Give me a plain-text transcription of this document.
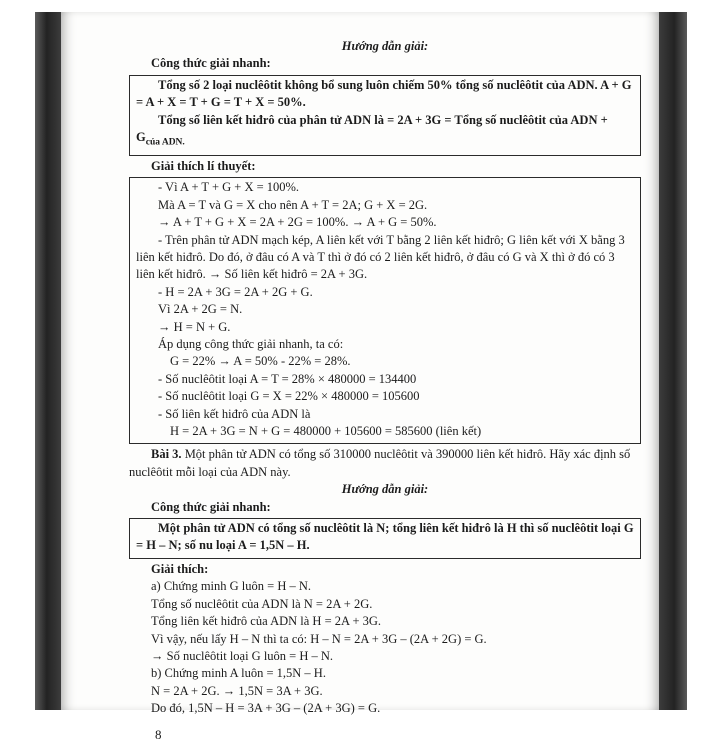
Hướng dẫn giải:

Công thức giải nhanh:

Tổng số 2 loại nuclêôtit không bổ sung luôn chiếm 50% tổng số nuclêôtit của ADN. A + G = A + X = T + G = T + X = 50%.

Tổng số liên kết hiđrô của phân tử ADN là = 2A + 3G = Tổng số nuclêôtit của ADN + $G_{của ADN.}$

Giải thích lí thuyết:

- Vì A + T + G + X = 100%.

Mà A = T và G = X cho nên A + T = 2A; G + X = 2G.

→ A + T + G + X = 2A + 2G = 100%. → A + G = 50%.

- Trên phân tử ADN mạch kép, A liên kết với T bằng 2 liên kết hiđrô; G liên kết với X bằng 3 liên kết hiđrô. Do đó, ở đâu có A và T thì ở đó có 2 liên kết hiđrô, ở đâu có G và X thì ở đó có 3 liên kết hiđrô. → Số liên kết hiđrô = 2A + 3G.

- H = 2A + 3G = 2A + 2G + G.

Vì 2A + 2G = N.

→ H = N + G.

Áp dụng công thức giải nhanh, ta có:

G = 22% → A = 50% - 22% = 28%.

- Số nuclêôtit loại A = T = 28% × 480000 = 134400

- Số nuclêôtit loại G = X = 22% × 480000 = 105600

- Số liên kết hiđrô của ADN là

H = 2A + 3G = N + G = 480000 + 105600 = 585600 (liên kết)

Bài 3. Một phân tử ADN có tổng số 310000 nuclêôtit và 390000 liên kết hiđrô. Hãy xác định số nuclêôtit mỗi loại của ADN này.

Hướng dẫn giải:

Công thức giải nhanh:

Một phân tử ADN có tổng số nuclêôtit là N; tổng liên kết hiđrô là H thì số nuclêôtit loại G = H – N; số nu loại A = 1,5N – H.

Giải thích:

a) Chứng minh G luôn = H – N.

Tổng số nuclêôtit của ADN là N = 2A + 2G.

Tổng liên kết hiđrô của ADN là H = 2A + 3G.

Vì vậy, nếu lấy H – N thì ta có: H – N = 2A + 3G – (2A + 2G) = G.

→ Số nuclêôtit loại G luôn = H – N.

b) Chứng minh A luôn = 1,5N – H.

N = 2A + 2G. → 1,5N = 3A + 3G.

Do đó, 1,5N – H = 3A + 3G – (2A + 3G) = G.

8
